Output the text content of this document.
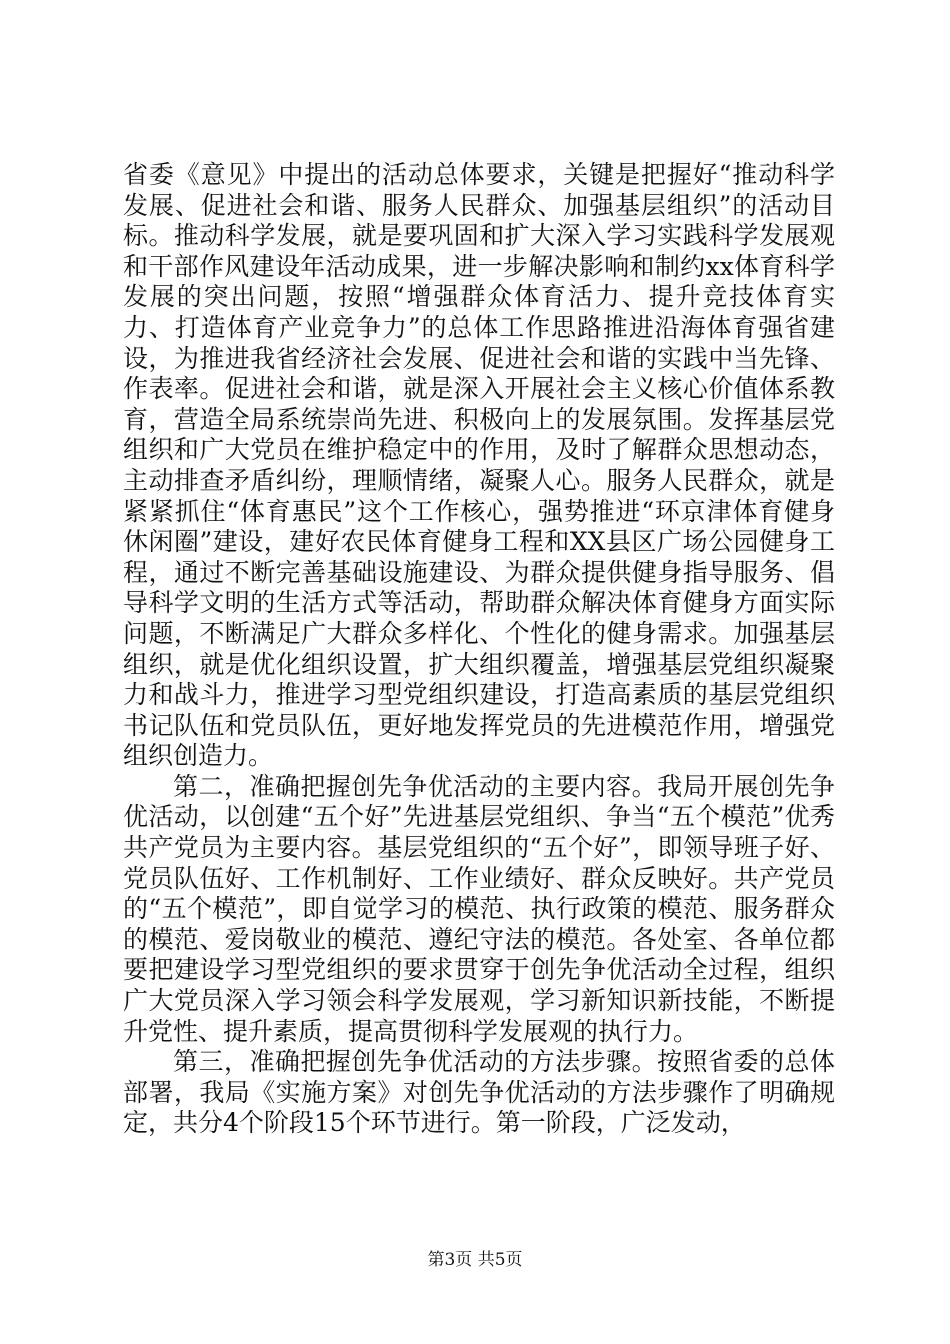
省委《意见》中提出的活动总体要求，关键是把握好“推动科学发展、促进社会和谐、服务人民群众、加强基层组织”的活动目标。推动科学发展，就是要巩固和扩大深入学习实践科学发展观和干部作风建设年活动成果，进一步解决影响和制约xx体育科学发展的突出问题，按照“增强群众体育活力、提升竞技体育实力、打造体育产业竞争力”的总体工作思路推进沿海体育强省建设，为推进我省经济社会发展、促进社会和谐的实践中当先锋、作表率。促进社会和谐，就是深入开展社会主义核心价值体系教育，营造全局系统崇尚先进、积极向上的发展氛围。发挥基层党组织和广大党员在维护稳定中的作用，及时了解群众思想动态，主动排查矛盾纠纷，理顺情绪，凝聚人心。服务人民群众，就是紧紧抓住“体育惠民”这个工作核心，强势推进“环京津体育健身休闲圈”建设，建好农民体育健身工程和XX县区广场公园健身工程，通过不断完善基础设施建设、为群众提供健身指导服务、倡导科学文明的生活方式等活动，帮助群众解决体育健身方面实际问题，不断满足广大群众多样化、个性化的健身需求。加强基层组织，就是优化组织设置，扩大组织覆盖，增强基层党组织凝聚力和战斗力，推进学习型党组织建设，打造高素质的基层党组织书记队伍和党员队伍，更好地发挥党员的先进模范作用，增强党组织创造力。

第二，准确把握创先争优活动的主要内容。我局开展创先争优活动，以创建“五个好”先进基层党组织、争当“五个模范”优秀共产党员为主要内容。基层党组织的“五个好”，即领导班子好、党员队伍好、工作机制好、工作业绩好、群众反映好。共产党员的“五个模范”，即自觉学习的模范、执行政策的模范、服务群众的模范、爱岗敬业的模范、遵纪守法的模范。各处室、各单位都要把建设学习型党组织的要求贯穿于创先争优活动全过程，组织广大党员深入学习领会科学发展观，学习新知识新技能，不断提升党性、提升素质，提高贯彻科学发展观的执行力。

第三，准确把握创先争优活动的方法步骤。按照省委的总体部署，我局《实施方案》对创先争优活动的方法步骤作了明确规定，共分4个阶段15个环节进行。第一阶段，广泛发动，

第3页 共5页
